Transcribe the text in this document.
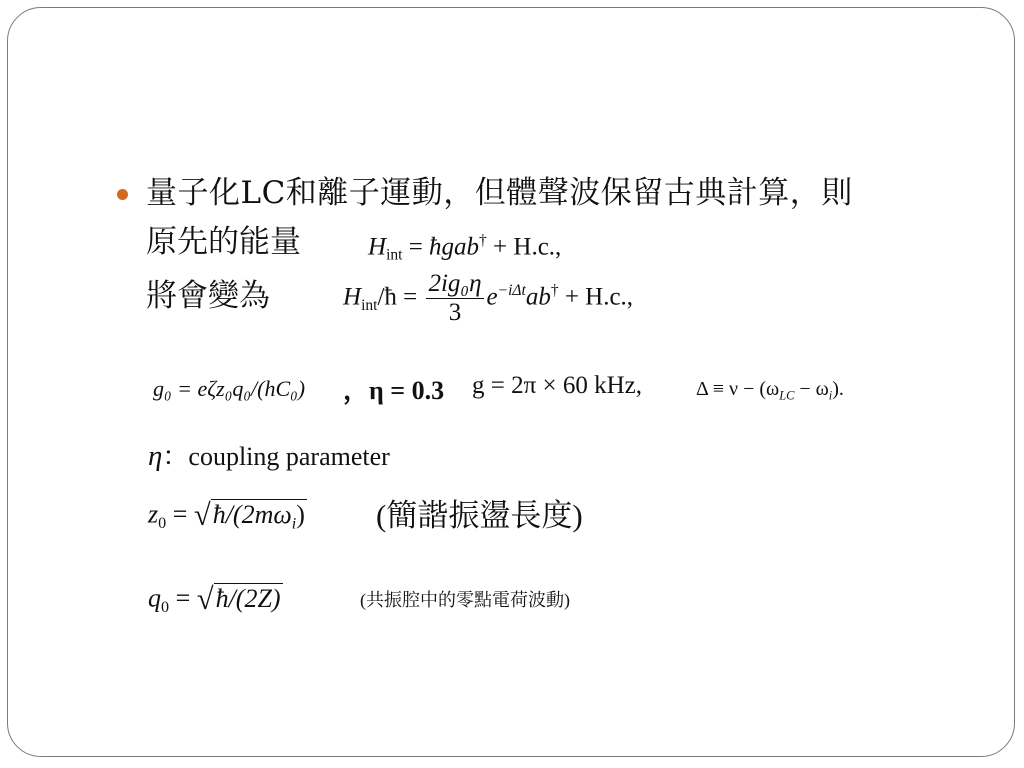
量子化LC和離子運動，但體聲波保留古典計算，則
原先的能量	$H_{int}$ = ħgab† + H.c.,
將會變為	$H_{int}/ħ = \frac{\text{2ig₀η}}{3} e^{-i\Delta t}ab^\dagger + H.c$.,
g₀ = eζz₀q₀/(hC₀) ，η = 0.3 g = 2π × 60 kHz,	$\Delta \equiv \nu - (\omega_{LC} - \omega_i)$.
η：coupling parameter
$z_0$ = $√ħ/(2m\omega_i)$ (簡諧振盪長度)
$q_0$ = √ħ/(2Z)	(共振腔中的零點電荷波動)
